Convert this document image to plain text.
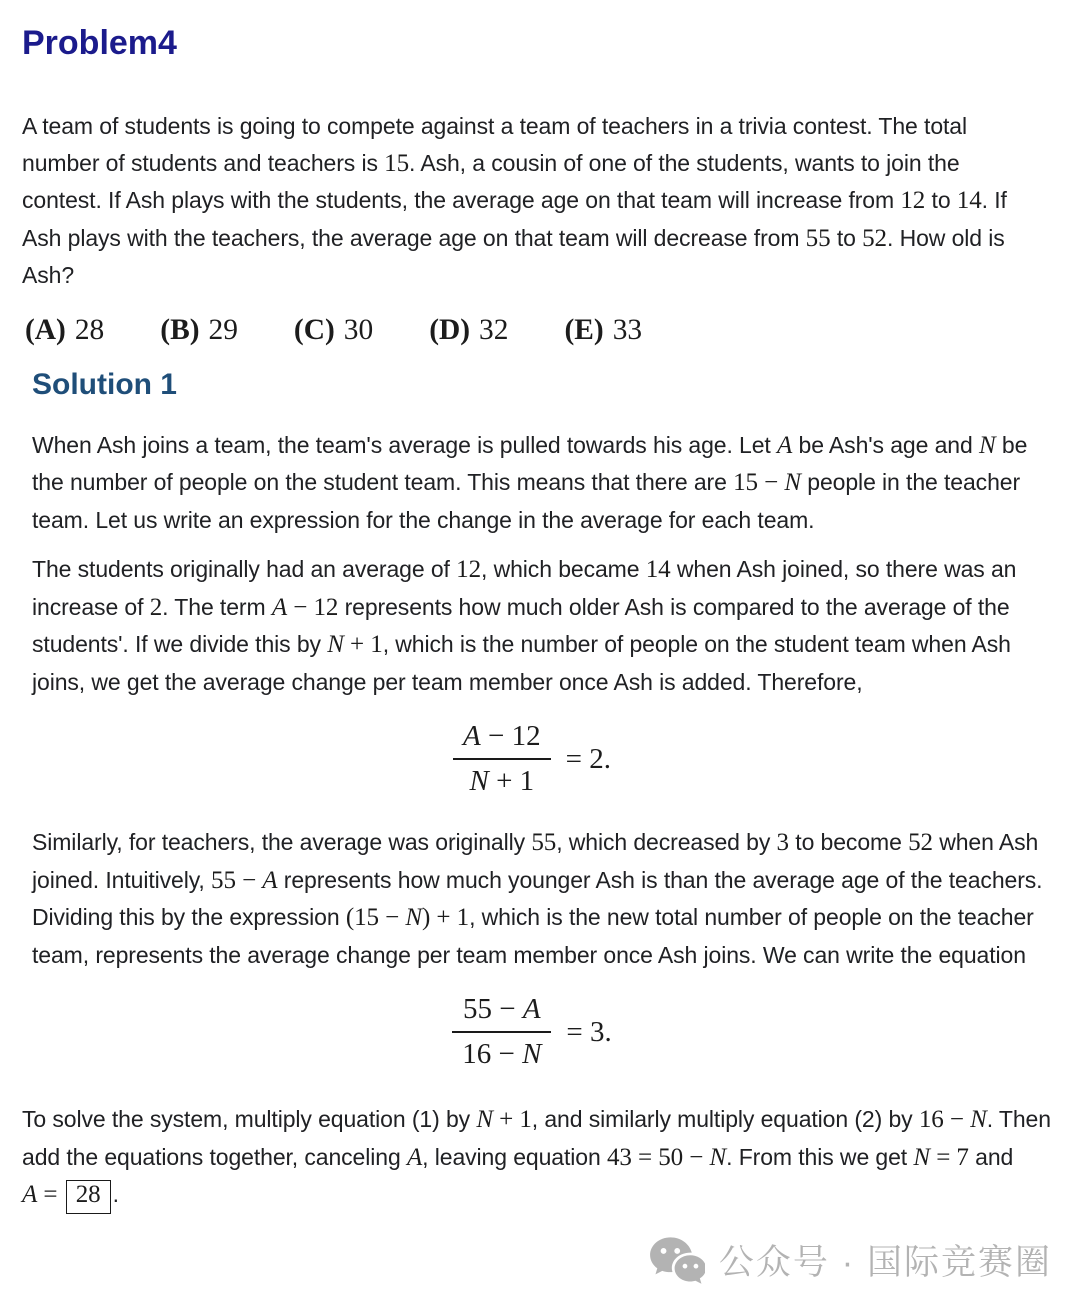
Problem4

A team of students is going to compete against a team of teachers in a trivia contest. The total number of students and teachers is 15. Ash, a cousin of one of the students, wants to join the contest. If Ash plays with the students, the average age on that team will increase from 12 to 14. If Ash plays with the teachers, the average age on that team will decrease from 55 to 52. How old is Ash?

(A) 28 (B) 29 (C) 30 (D) 32 (E) 33
Solution 1

When Ash joins a team, the team's average is pulled towards his age. Let A be Ash's age and N be the number of people on the student team. This means that there are 15 − N people in the teacher team. Let us write an expression for the change in the average for each team.

The students originally had an average of 12, which became 14 when Ash joined, so there was an increase of 2. The term A − 12 represents how much older Ash is compared to the average of the students'. If we divide this by N + 1, which is the number of people on the student team when Ash joins, we get the average change per team member once Ash is added. Therefore,

$\frac{A - 12}{N + 1} = 2$.

Similarly, for teachers, the average was originally 55, which decreased by 3 to become 52 when Ash joined. Intuitively, 55 − A represents how much younger Ash is than the average age of the teachers. Dividing this by the expression (15 − N) + 1, which is the new total number of people on the teacher team, represents the average change per team member once Ash joins. We can write the equation

$\frac{55 - A}{16 - N} = 3$.

To solve the system, multiply equation (1) by N + 1, and similarly multiply equation (2) by 16 − N. Then add the equations together, canceling A, leaving equation 43 = 50 − N. From this we get N = 7 and A = 28 .

公众号 · 国际竞赛圈
